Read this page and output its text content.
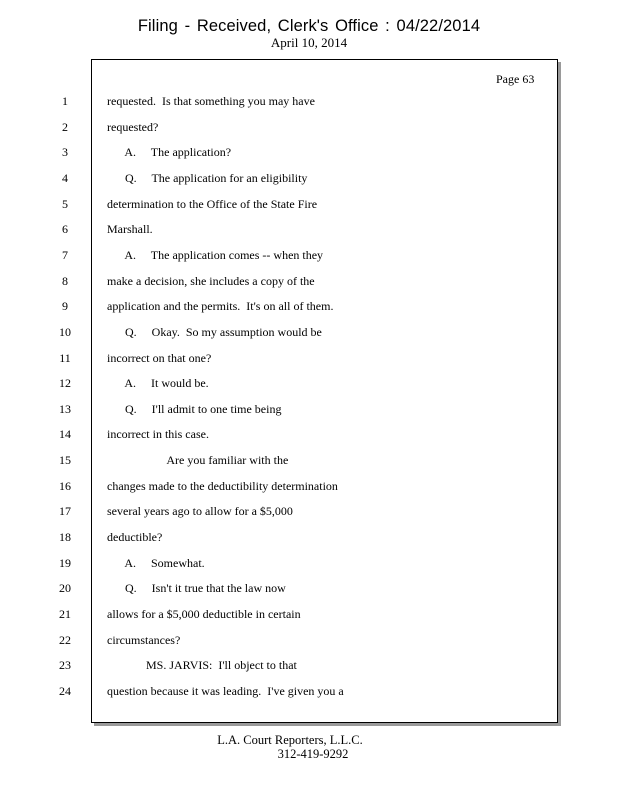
Filing - Received, Clerk's Office : 04/22/2014
April 10, 2014
Page 63
1	requested.  Is that something you may have
2	requested?
3	A.     The application?
4	Q.     The application for an eligibility
5	determination to the Office of the State Fire
6	Marshall.
7	A.     The application comes -- when they
8	make a decision, she includes a copy of the
9	application and the permits.  It's on all of them.
10	Q.     Okay.  So my assumption would be
11	incorrect on that one?
12	A.     It would be.
13	Q.     I'll admit to one time being
14	incorrect in this case.
15	Are you familiar with the
16	changes made to the deductibility determination
17	several years ago to allow for a $5,000
18	deductible?
19	A.     Somewhat.
20	Q.     Isn't it true that the law now
21	allows for a $5,000 deductible in certain
22	circumstances?
23	MS. JARVIS:  I'll object to that
24	question because it was leading.  I've given you a
L.A. Court Reporters, L.L.C.
312-419-9292
